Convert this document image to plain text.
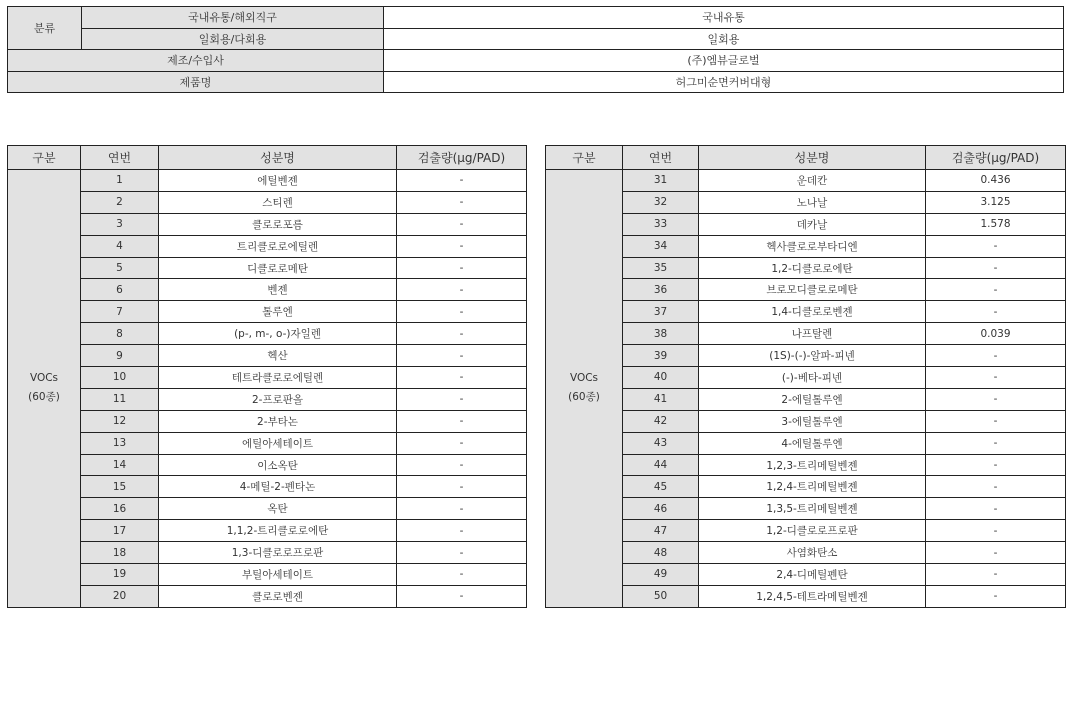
분류	국내유통/해외직구	국내유통
	일회용/다회용	일회용
제조/수입사		(주)엠뷰글로벌
제품명		허그미순면커버대형
구분	연번	성분명	검출량(μg/PAD)
VOCs
(60종)	1	에틸벤젠	-
	2	스티렌	-
	3	클로로포름	-
	4	트리클로로에틸렌	-
	5	디클로로메탄	-
	6	벤젠	-
	7	톨루엔	-
	8	(p-, m-, o-)자일렌	-
	9	헥산	-
	10	테트라클로로에틸렌	-
	11	2-프로판올	-
	12	2-부타논	-
	13	에틸아세테이트	-
	14	이소옥탄	-
	15	4-메틸-2-펜타논	-
	16	옥탄	-
	17	1,1,2-트리클로로에탄	-
	18	1,3-디클로로프로판	-
	19	부틸아세테이트	-
	20	클로로벤젠	-
구분	연번	성분명	검출량(μg/PAD)
VOCs
(60종)	31	운데칸	0.436
	32	노나날	3.125
	33	데카날	1.578
	34	헥사클로로부타디엔	-
	35	1,2-디클로로에탄	-
	36	브로모디클로로메탄	-
	37	1,4-디클로로벤젠	-
	38	나프탈렌	0.039
	39	(1S)-(-)-알파-피넨	-
	40	(-)-베타-피넨	-
	41	2-에틸톨루엔	-
	42	3-에틸톨루엔	-
	43	4-에틸톨루엔	-
	44	1,2,3-트리메틸벤젠	-
	45	1,2,4-트리메틸벤젠	-
	46	1,3,5-트리메틸벤젠	-
	47	1,2-디클로로프로판	-
	48	사염화탄소	-
	49	2,4-디메틸펜탄	-
	50	1,2,4,5-테트라메틸벤젠	-
